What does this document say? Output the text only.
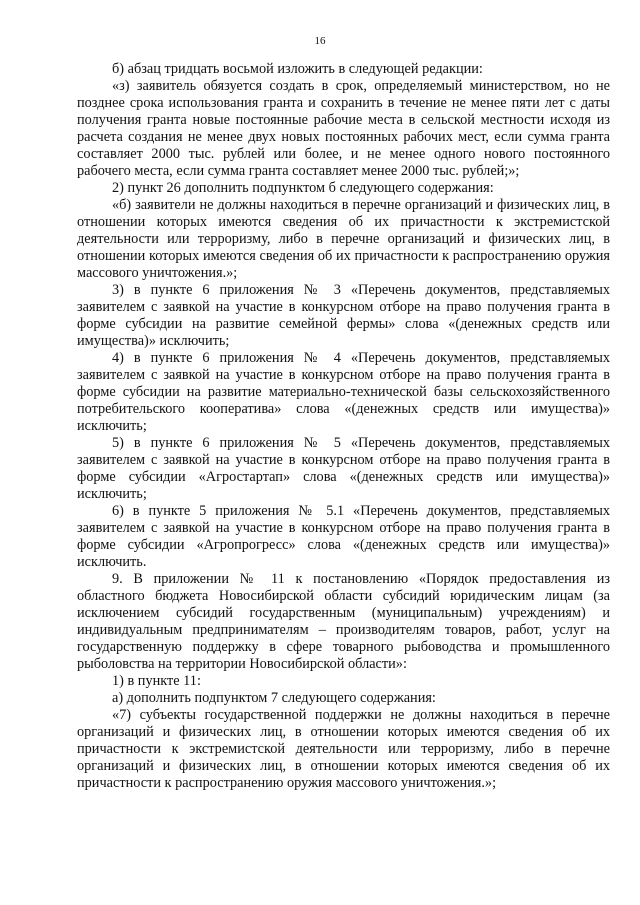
16

б) абзац тридцать восьмой изложить в следующей редакции:

«з) заявитель обязуется создать в срок, определяемый министерством, но не позднее срока использования гранта и сохранить в течение не менее пяти лет с даты получения гранта новые постоянные рабочие места в сельской местности исходя из расчета создания не менее двух новых постоянных рабочих мест, если сумма гранта составляет 2000 тыс. рублей или более, и не менее одного нового постоянного рабочего места, если сумма гранта составляет менее 2000 тыс. рублей;»;

2) пункт 26 дополнить подпунктом б следующего содержания:

«б) заявители не должны находиться в перечне организаций и физических лиц, в отношении которых имеются сведения об их причастности к экстремистской деятельности или терроризму, либо в перечне организаций и физических лиц, в отношении которых имеются сведения об их причастности к распространению оружия массового уничтожения.»;

3) в пункте 6 приложения № 3 «Перечень документов, представляемых заявителем с заявкой на участие в конкурсном отборе на право получения гранта в форме субсидии на развитие семейной фермы» слова «(денежных средств или имущества)» исключить;

4) в пункте 6 приложения № 4 «Перечень документов, представляемых заявителем с заявкой на участие в конкурсном отборе на право получения гранта в форме субсидии на развитие материально-технической базы сельскохозяйственного потребительского кооператива» слова «(денежных средств или имущества)» исключить;

5) в пункте 6 приложения № 5 «Перечень документов, представляемых заявителем с заявкой на участие в конкурсном отборе на право получения гранта в форме субсидии «Агростартап» слова «(денежных средств или имущества)» исключить;

6) в пункте 5 приложения № 5.1 «Перечень документов, представляемых заявителем с заявкой на участие в конкурсном отборе на право получения гранта в форме субсидии «Агропрогресс» слова «(денежных средств или имущества)» исключить.

9. В приложении № 11 к постановлению «Порядок предоставления из областного бюджета Новосибирской области субсидий юридическим лицам (за исключением субсидий государственным (муниципальным) учреждениям) и индивидуальным предпринимателям – производителям товаров, работ, услуг на государственную поддержку в сфере товарного рыбоводства и промышленного рыболовства на территории Новосибирской области»:

1) в пункте 11:

а) дополнить подпунктом 7 следующего содержания:

«7) субъекты государственной поддержки не должны находиться в перечне организаций и физических лиц, в отношении которых имеются сведения об их причастности к экстремистской деятельности или терроризму, либо в перечне организаций и физических лиц, в отношении которых имеются сведения об их причастности к распространению оружия массового уничтожения.»;
